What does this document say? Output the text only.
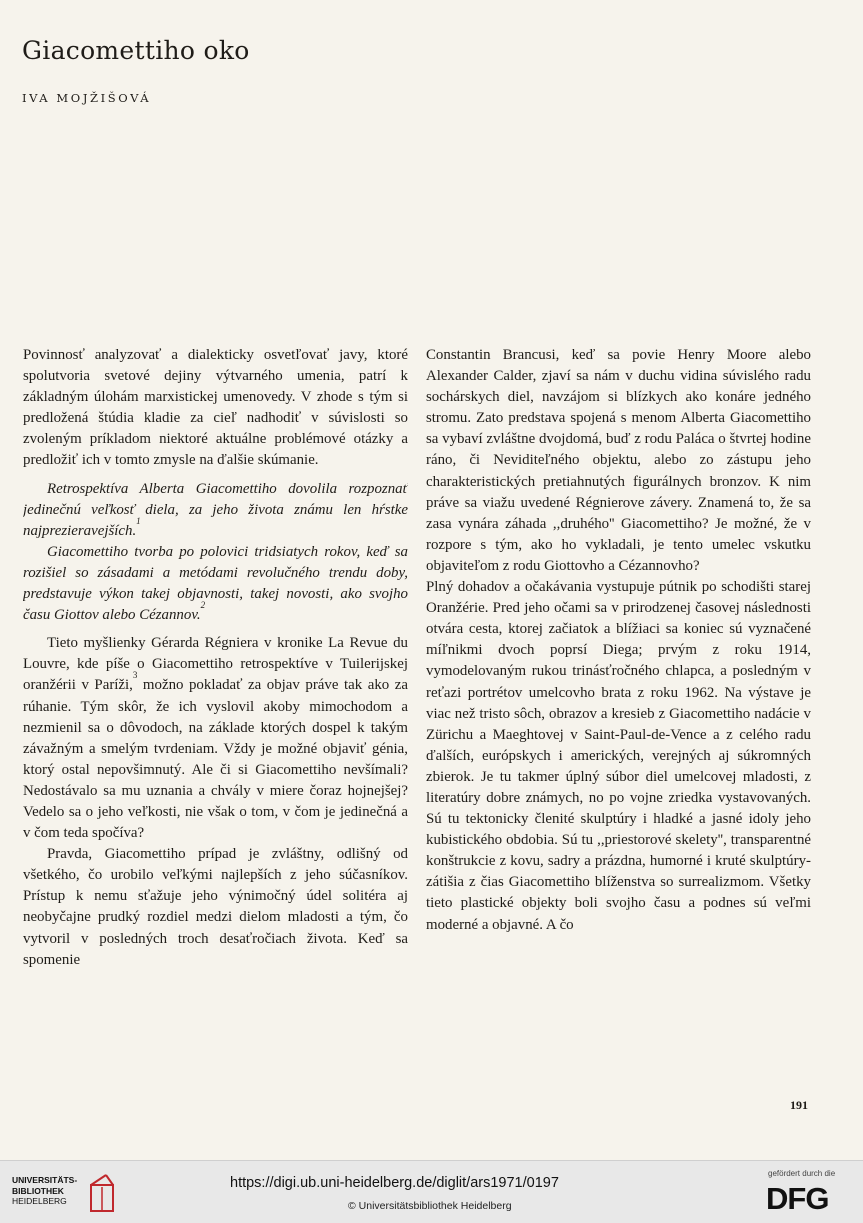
Giacomettiho oko
IVA MOJŽIŠOVÁ

Povinnosť analyzovať a dialekticky osvetľovať javy, ktoré spolutvoria svetové dejiny výtvarného umenia, patrí k základným úlohám marxistickej umenovedy. V zhode s tým si predložená štúdia kladie za cieľ nadhodiť v súvislosti so zvoleným príkladom niektoré aktuálne problémové otázky a predložiť ich v tomto zmysle na ďalšie skúmanie.

Retrospektíva Alberta Giacomettiho dovolila rozpoznať jedinečnú veľkosť diela, za jeho života známu len hŕstke najprezieravejších.$^1$

Giacomettiho tvorba po polovici tridsiatych rokov, keď sa rozišiel so zásadami a metódami revolučného trendu doby, predstavuje výkon takej objavnosti, takej novosti, ako svojho času Giottov alebo Cézannov.$^2$

Tieto myšlienky Gérarda Régniera v kronike La Revue du Louvre, kde píše o Giacomettiho retrospektíve v Tuilerijskej oranžérii v Paríži,$^3$ možno pokladať za objav práve tak ako za rúhanie. Tým skôr, že ich vyslovil akoby mimochodom a nezmienil sa o dôvodoch, na základe ktorých dospel k takým závažným a smelým tvrdeniam. Vždy je možné objaviť génia, ktorý ostal nepovšimnutý. Ale či si Giacomettiho nevšímali? Nedostávalo sa mu uznania a chvály v miere čoraz hojnejšej? Vedelo sa o jeho veľkosti, nie však o tom, v čom je jedinečná a v čom teda spočíva?

Pravda, Giacomettiho prípad je zvláštny, odlišný od všetkého, čo urobilo veľkými najlepších z jeho súčasníkov. Prístup k nemu sťažuje jeho výnimočný údel solitéra aj neobyčajne prudký rozdiel medzi dielom mladosti a tým, čo vytvoril v posledných troch desaťročiach života. Keď sa spomenie

Constantin Brancusi, keď sa povie Henry Moore alebo Alexander Calder, zjaví sa nám v duchu vidina súvislého radu sochárskych diel, navzájom si blízkych ako konáre jedného stromu. Zato predstava spojená s menom Alberta Giacomettiho sa vybaví zvláštne dvojdomá, buď z rodu Paláca o štvrtej hodine ráno, či Neviditeľného objektu, alebo zo zástupu jeho charakteristických pretiahnutých figurálnych bronzov. K nim práve sa viažu uvedené Régnierove závery. Znamená to, že sa zasa vynára záhada ,,druhého'' Giacomettiho? Je možné, že v rozpore s tým, ako ho vykladali, je tento umelec vskutku objaviteľom z rodu Giottovho a Cézannovho?

Plný dohadov a očakávania vystupuje pútnik po schodišti starej Oranžérie. Pred jeho očami sa v prirodzenej časovej následnosti otvára cesta, ktorej začiatok a blížiaci sa koniec sú vyznačené míľnikmi dvoch poprsí Diega; prvým z roku 1914, vymodelovaným rukou trinásťročného chlapca, a posledným v reťazi portrétov umelcovho brata z roku 1962. Na výstave je viac než tristo sôch, obrazov a kresieb z Giacomettiho nadácie v Zürichu a Maeghtovej v Saint-Paul-de-Vence a z celého radu ďalších, európskych i amerických, verejných aj súkromných zbierok. Je tu takmer úplný súbor diel umelcovej mladosti, z literatúry dobre známych, no po vojne zriedka vystavovaných. Sú tu tektonicky členité skulptúry i hladké a jasné idoly jeho kubistického obdobia. Sú tu ,,priestorové skelety'', transparentné konštrukcie z kovu, sadry a prázdna, humorné i kruté skulptúry-zátišia z čias Giacomettiho blíženstva so surrealizmom. Všetky tieto plastické objekty boli svojho času a podnes sú veľmi moderné a objavné. A čo

191
UNIVERSITÄTS-
BIBLIOTHEK
HEIDELBERG
https://digi.ub.uni-heidelberg.de/diglit/ars1971/0197
© Universitätsbibliothek Heidelberg
gefördert durch die
DFG
